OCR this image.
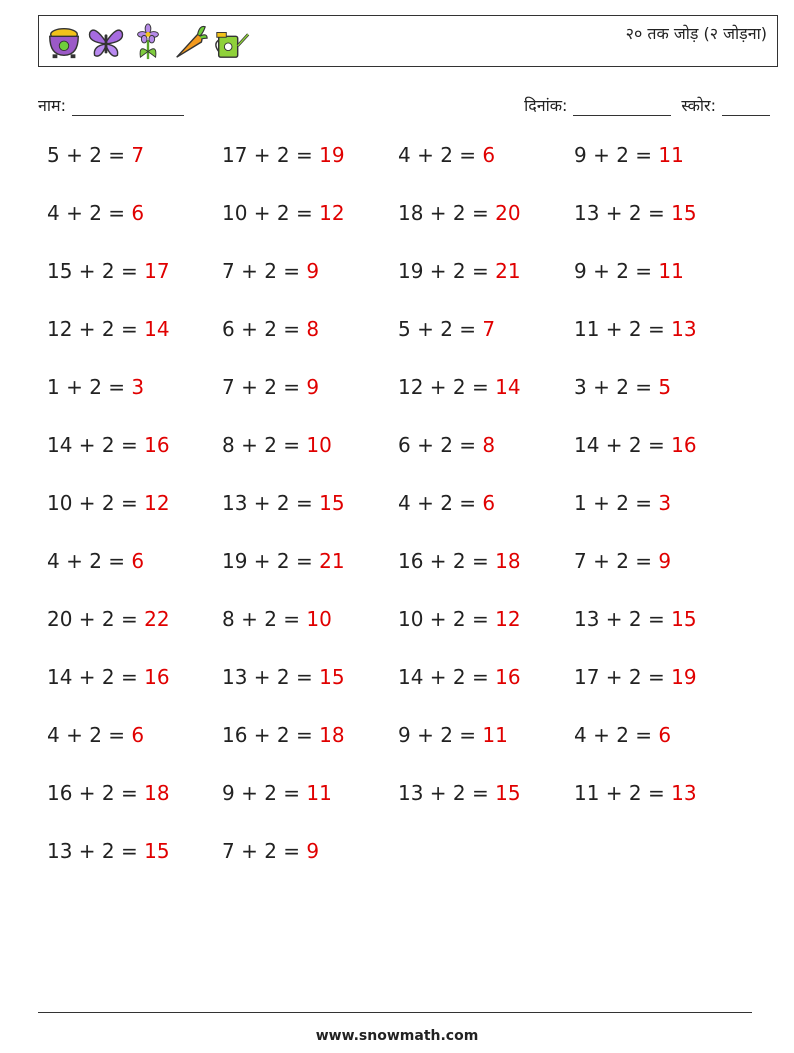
२० तक जोड़ (२ जोड़ना)
नाम:	दिनांक:	स्कोर:
5 + 2 = 7	17 + 2 = 19	4 + 2 = 6	9 + 2 = 11
4 + 2 = 6	10 + 2 = 12	18 + 2 = 20	13 + 2 = 15
15 + 2 = 17	7 + 2 = 9	19 + 2 = 21	9 + 2 = 11
12 + 2 = 14	6 + 2 = 8	5 + 2 = 7	11 + 2 = 13
1 + 2 = 3	7 + 2 = 9	12 + 2 = 14	3 + 2 = 5
14 + 2 = 16	8 + 2 = 10	6 + 2 = 8	14 + 2 = 16
10 + 2 = 12	13 + 2 = 15	4 + 2 = 6	1 + 2 = 3
4 + 2 = 6	19 + 2 = 21	16 + 2 = 18	7 + 2 = 9
20 + 2 = 22	8 + 2 = 10	10 + 2 = 12	13 + 2 = 15
14 + 2 = 16	13 + 2 = 15	14 + 2 = 16	17 + 2 = 19
4 + 2 = 6	16 + 2 = 18	9 + 2 = 11	4 + 2 = 6
16 + 2 = 18	9 + 2 = 11	13 + 2 = 15	11 + 2 = 13
13 + 2 = 15	7 + 2 = 9
www.snowmath.com
